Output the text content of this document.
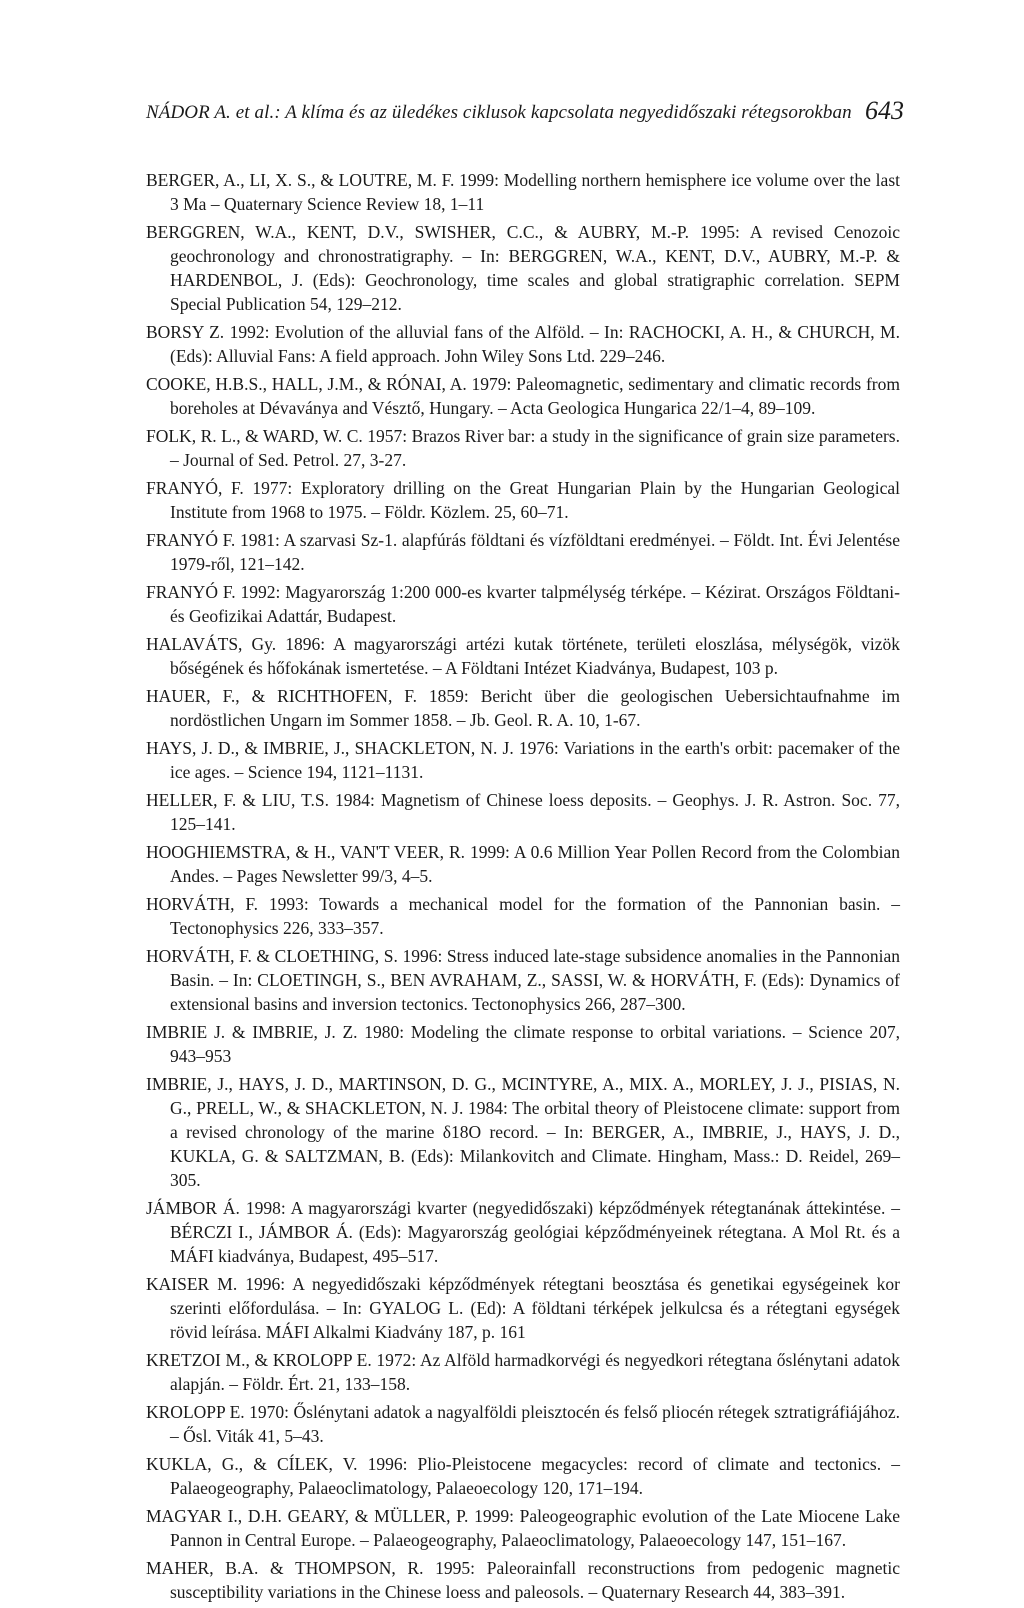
NÁDOR A. et al.: A klíma és az üledékes ciklusok kapcsolata negyedidőszaki rétegsorokban 643

BERGER, A., LI, X. S., & LOUTRE, M. F. 1999: Modelling northern hemisphere ice volume over the last 3 Ma – Quaternary Science Review 18, 1–11

BERGGREN, W.A., KENT, D.V., SWISHER, C.C., & AUBRY, M.-P. 1995: A revised Cenozoic geochronology and chronostratigraphy. – In: BERGGREN, W.A., KENT, D.V., AUBRY, M.-P. & HARDENBOL, J. (Eds): Geochronology, time scales and global stratigraphic correlation. SEPM Special Publication 54, 129–212.

BORSY Z. 1992: Evolution of the alluvial fans of the Alföld. – In: RACHOCKI, A. H., & CHURCH, M. (Eds): Alluvial Fans: A field approach. John Wiley Sons Ltd. 229–246.

COOKE, H.B.S., HALL, J.M., & RÓNAI, A. 1979: Paleomagnetic, sedimentary and climatic records from boreholes at Dévaványa and Vésztő, Hungary. – Acta Geologica Hungarica 22/1–4, 89–109.

FOLK, R. L., & WARD, W. C. 1957: Brazos River bar: a study in the significance of grain size parameters. – Journal of Sed. Petrol. 27, 3-27.

FRANYÓ, F. 1977: Exploratory drilling on the Great Hungarian Plain by the Hungarian Geological Institute from 1968 to 1975. – Földr. Közlem. 25, 60–71.

FRANYÓ F. 1981: A szarvasi Sz-1. alapfúrás földtani és vízföldtani eredményei. – Földt. Int. Évi Jelentése 1979-ről, 121–142.

FRANYÓ F. 1992: Magyarország 1:200 000-es kvarter talpmélység térképe. – Kézirat. Országos Földtani- és Geofizikai Adattár, Budapest.

HALAVÁTS, Gy. 1896: A magyarországi artézi kutak története, területi eloszlása, mélységök, vizök bőségének és hőfokának ismertetése. – A Földtani Intézet Kiadványa, Budapest, 103 p.

HAUER, F., & RICHTHOFEN, F. 1859: Bericht über die geologischen Uebersichtaufnahme im nordöstlichen Ungarn im Sommer 1858. – Jb. Geol. R. A. 10, 1-67.

HAYS, J. D., & IMBRIE, J., SHACKLETON, N. J. 1976: Variations in the earth's orbit: pacemaker of the ice ages. – Science 194, 1121–1131.

HELLER, F. & LIU, T.S. 1984: Magnetism of Chinese loess deposits. – Geophys. J. R. Astron. Soc. 77, 125–141.

HOOGHIEMSTRA, & H., VAN'T VEER, R. 1999: A 0.6 Million Year Pollen Record from the Colombian Andes. – Pages Newsletter 99/3, 4–5.

HORVÁTH, F. 1993: Towards a mechanical model for the formation of the Pannonian basin. – Tectonophysics 226, 333–357.

HORVÁTH, F. & CLOETHING, S. 1996: Stress induced late-stage subsidence anomalies in the Pannonian Basin. – In: CLOETINGH, S., BEN AVRAHAM, Z., SASSI, W. & HORVÁTH, F. (Eds): Dynamics of extensional basins and inversion tectonics. Tectonophysics 266, 287–300.

IMBRIE J. & IMBRIE, J. Z. 1980: Modeling the climate response to orbital variations. – Science 207, 943–953

IMBRIE, J., HAYS, J. D., MARTINSON, D. G., MCINTYRE, A., MIX. A., MORLEY, J. J., PISIAS, N. G., PRELL, W., & SHACKLETON, N. J. 1984: The orbital theory of Pleistocene climate: support from a revised chronology of the marine δ18O record. – In: BERGER, A., IMBRIE, J., HAYS, J. D., KUKLA, G. & SALTZMAN, B. (Eds): Milankovitch and Climate. Hingham, Mass.: D. Reidel, 269–305.

JÁMBOR Á. 1998: A magyarországi kvarter (negyedidőszaki) képződmények rétegtanának áttekintése. – BÉRCZI I., JÁMBOR Á. (Eds): Magyarország geológiai képződményeinek rétegtana. A Mol Rt. és a MÁFI kiadványa, Budapest, 495–517.

KAISER M. 1996: A negyedidőszaki képződmények rétegtani beosztása és genetikai egységeinek kor szerinti előfordulása. – In: GYALOG L. (Ed): A földtani térképek jelkulcsa és a rétegtani egységek rövid leírása. MÁFI Alkalmi Kiadvány 187, p. 161

KRETZOI M., & KROLOPP E. 1972: Az Alföld harmadkorvégi és negyedkori rétegtana őslénytani adatok alapján. – Földr. Ért. 21, 133–158.

KROLOPP E. 1970: Őslénytani adatok a nagyalföldi pleisztocén és felső pliocén rétegek sztratigráfiájához. – Ősl. Viták 41, 5–43.

KUKLA, G., & CÍLEK, V. 1996: Plio-Pleistocene megacycles: record of climate and tectonics. – Palaeogeography, Palaeoclimatology, Palaeoecology 120, 171–194.

MAGYAR I., D.H. GEARY, & MÜLLER, P. 1999: Paleogeographic evolution of the Late Miocene Lake Pannon in Central Europe. – Palaeogeography, Palaeoclimatology, Palaeoecology 147, 151–167.

MAHER, B.A. & THOMPSON, R. 1995: Paleorainfall reconstructions from pedogenic magnetic susceptibility variations in the Chinese loess and paleosols. – Quaternary Research 44, 383–391.
